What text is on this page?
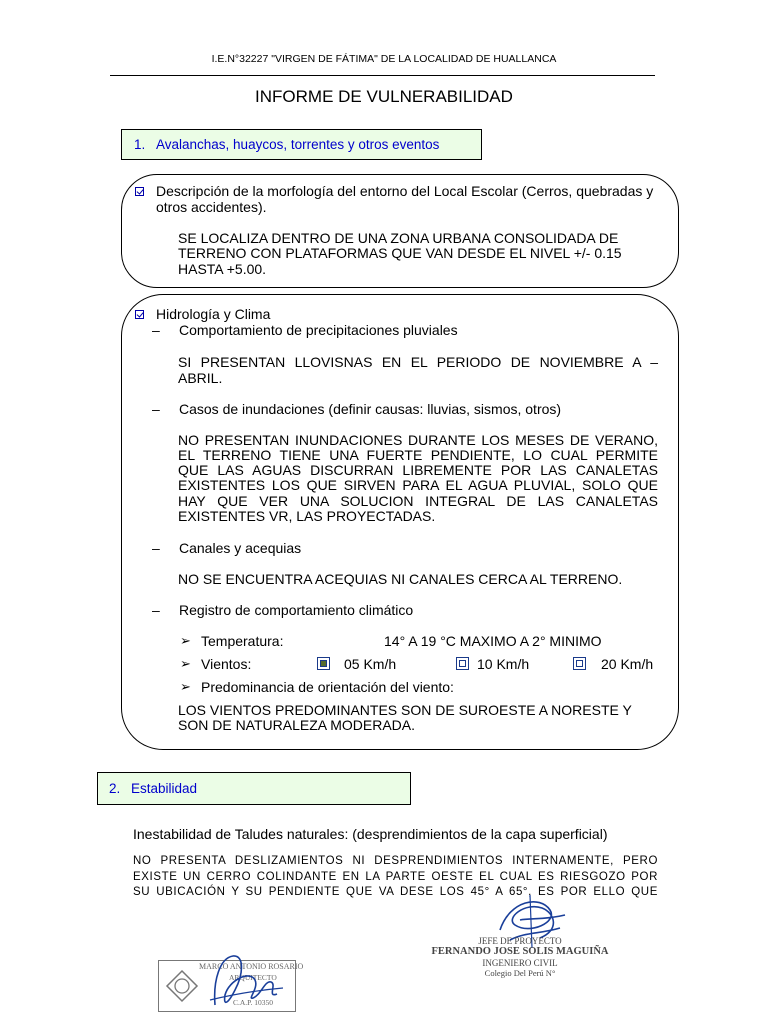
I.E.N°32227 "VIRGEN DE FÁTIMA" DE LA LOCALIDAD DE HUALLANCA
INFORME DE VULNERABILIDAD
1. Avalanchas, huaycos, torrentes y otros eventos
Descripción de la morfología del entorno del Local Escolar (Cerros, quebradas y otros accidentes).
SE LOCALIZA DENTRO DE UNA ZONA URBANA CONSOLIDADA DE
TERRENO CON PLATAFORMAS QUE VAN DESDE EL NIVEL +/- 0.15
HASTA +5.00.
Hidrología y Clima
– Comportamiento de precipitaciones pluviales
SI PRESENTAN LLOVISNAS EN EL PERIODO DE NOVIEMBRE A –
ABRIL.
– Casos de inundaciones (definir causas: lluvias, sismos, otros)
NO PRESENTAN INUNDACIONES DURANTE LOS MESES DE VERANO,
EL TERRENO TIENE UNA FUERTE PENDIENTE, LO CUAL PERMITE
QUE LAS AGUAS DISCURRAN LIBREMENTE POR LAS CANALETAS
EXISTENTES LOS QUE SIRVEN PARA EL AGUA PLUVIAL, SOLO QUE
HAY QUE VER UNA SOLUCION INTEGRAL DE LAS CANALETAS
EXISTENTES VR, LAS PROYECTADAS.
– Canales y acequias
NO SE ENCUENTRA ACEQUIAS NI CANALES CERCA AL TERRENO.
– Registro de comportamiento climático
➢ Temperatura:	14° A 19 °C MAXIMO A 2° MINIMO
➢ Vientos:	05 Km/h	10 Km/h	20 Km/h
➢ Predominancia de orientación del viento:
LOS VIENTOS PREDOMINANTES SON DE SUROESTE A NORESTE Y
SON DE NATURALEZA MODERADA.
2. Estabilidad
Inestabilidad de Taludes naturales: (desprendimientos de la capa superficial)
NO PRESENTA DESLIZAMIENTOS NI DESPRENDIMIENTOS INTERNAMENTE, PERO
EXISTE UN CERRO COLINDANTE EN LA PARTE OESTE EL CUAL ES RIESGOZO POR
SU UBICACIÓN Y SU PENDIENTE QUE VA DESE LOS 45° A 65°, ES POR ELLO QUE
JEFE DE PROYECTO
FERNANDO JOSE SOLIS MAGUIÑA
INGENIERO CIVIL
Colegio Del Perú N°
MARCO ANTONIO ROSARIO
ARQUITECTO
C.A.P. 10350
